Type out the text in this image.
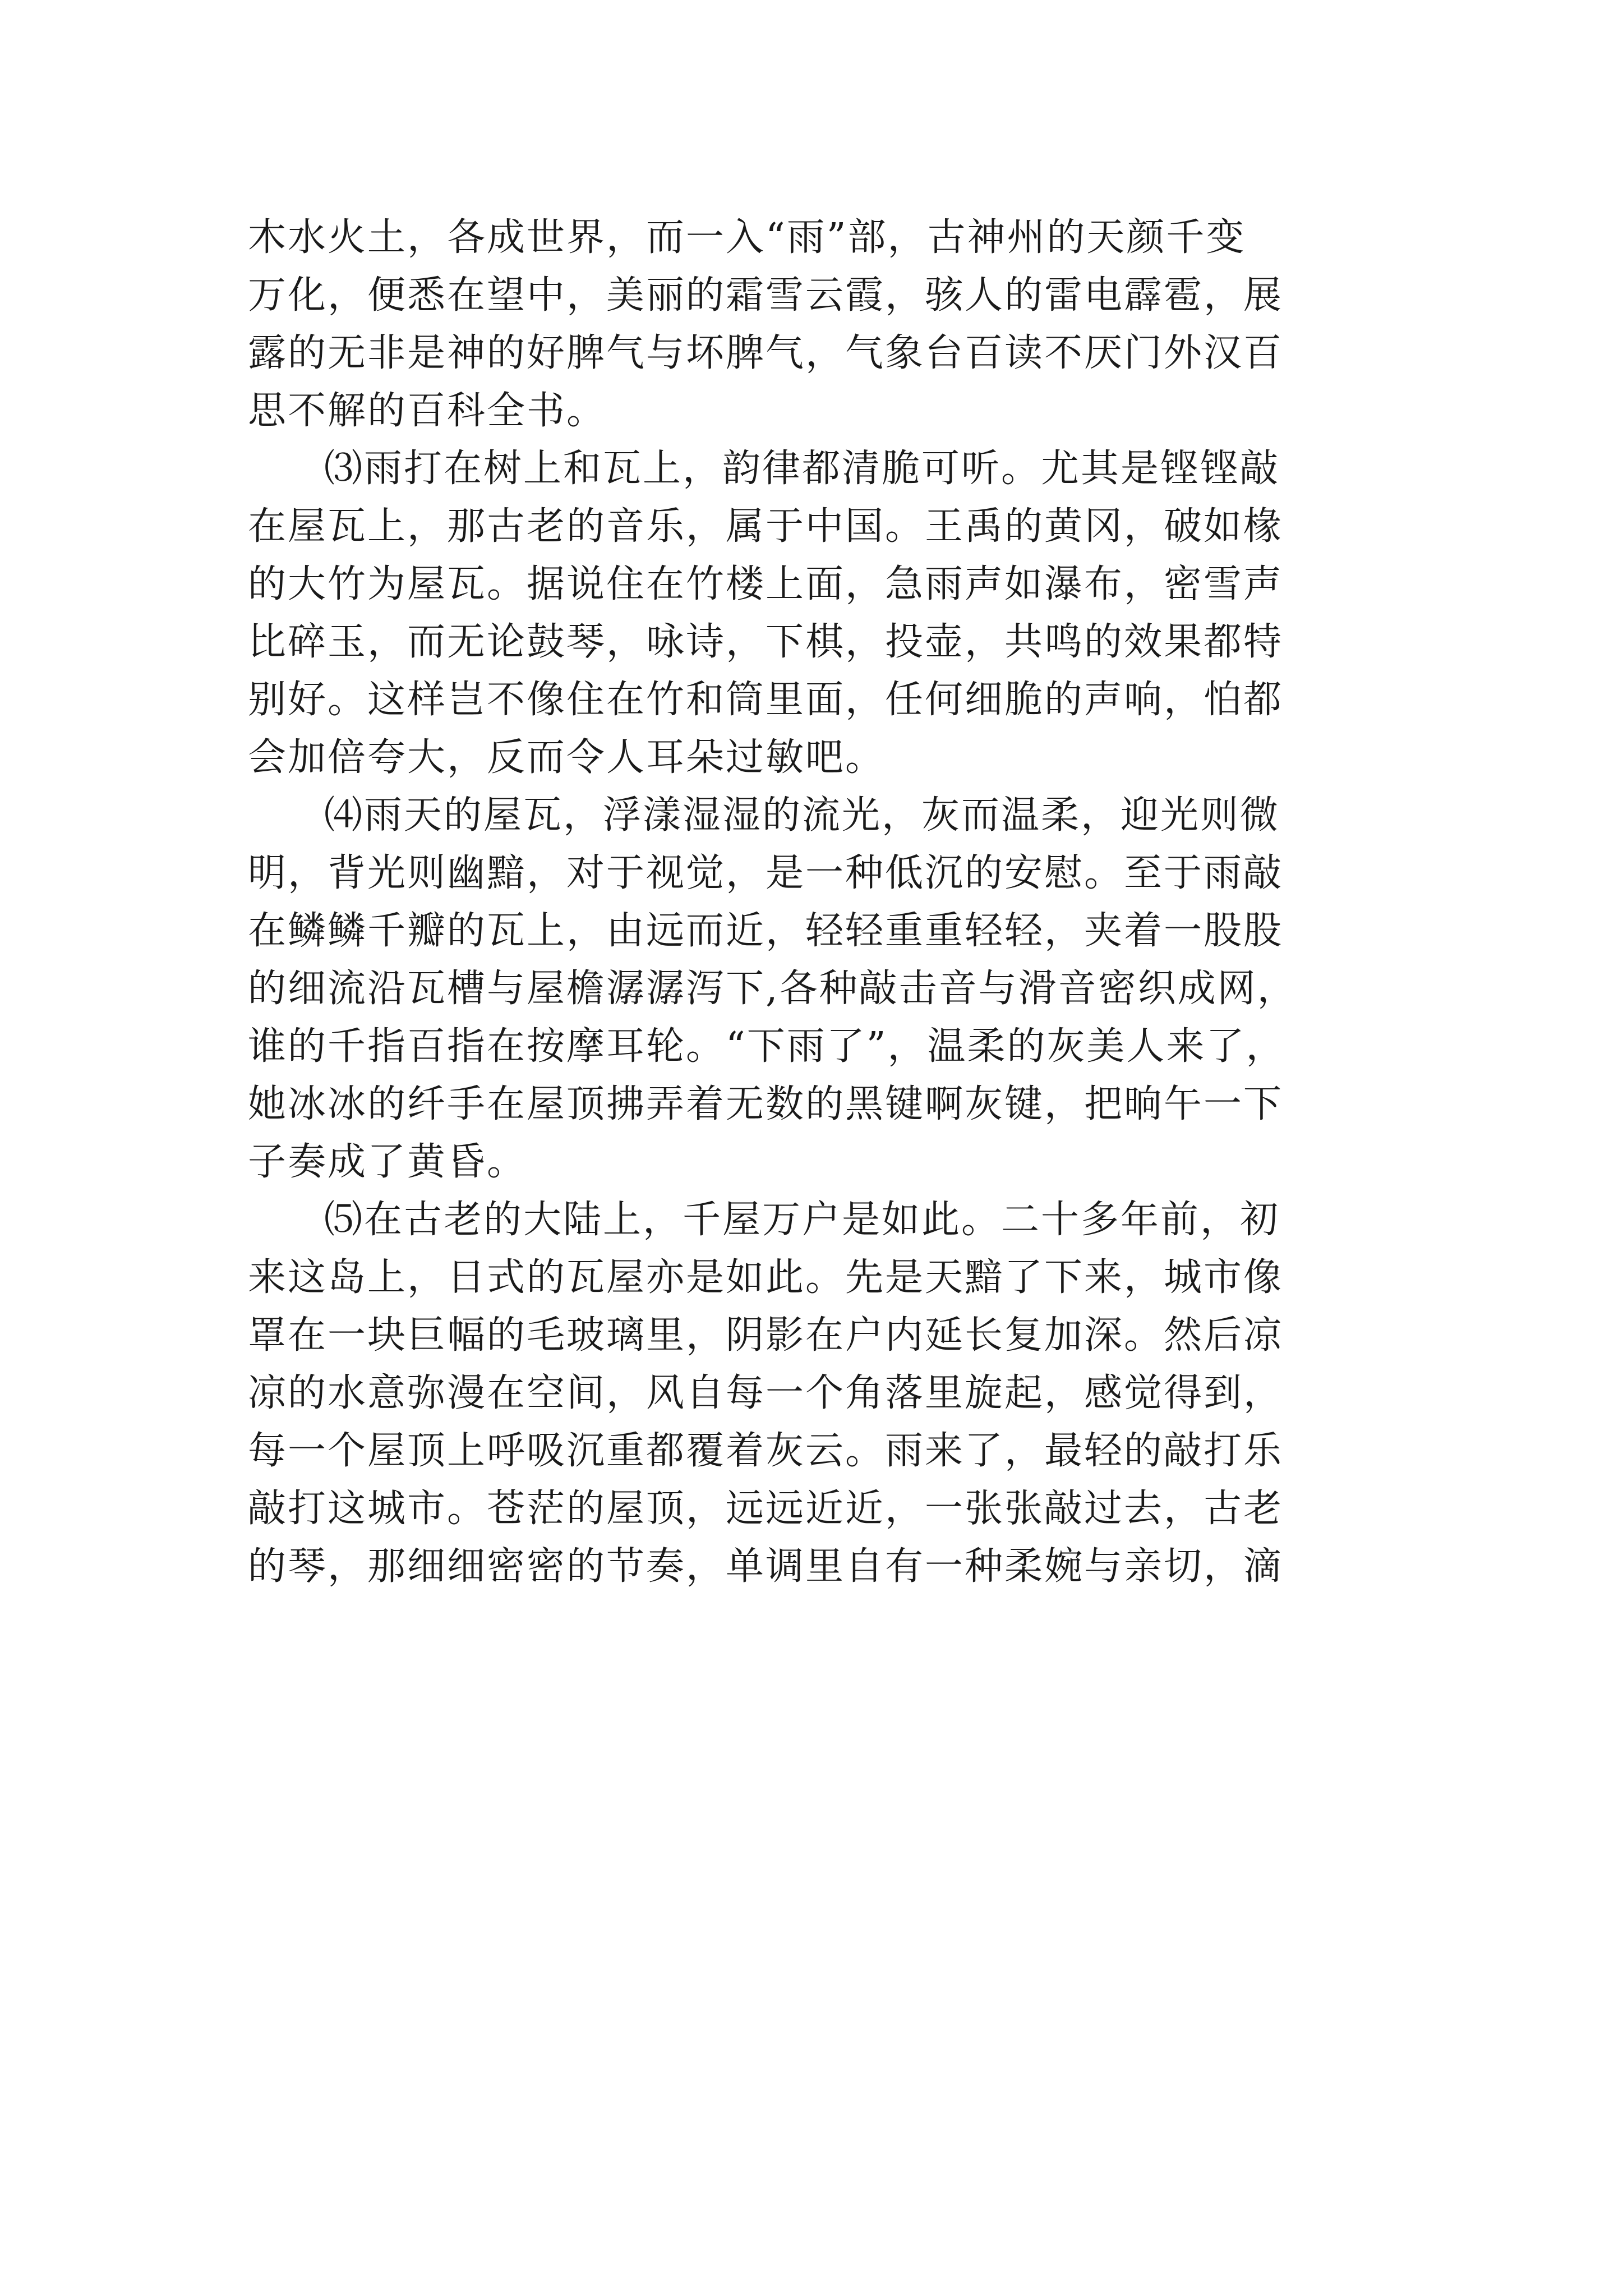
木水火土，各成世界，而一入“雨”部，古神州的天颜千变
万化，便悉在望中，美丽的霜雪云霞，骇人的雷电霹雹，展
露的无非是神的好脾气与坏脾气，气象台百读不厌门外汉百
思不解的百科全书。
⑶雨打在树上和瓦上，韵律都清脆可听。尤其是铿铿敲
在屋瓦上，那古老的音乐，属于中国。王禹的黄冈，破如椽
的大竹为屋瓦。据说住在竹楼上面，急雨声如瀑布，密雪声
比碎玉，而无论鼓琴，咏诗，下棋，投壶，共鸣的效果都特
别好。这样岂不像住在竹和筒里面，任何细脆的声响，怕都
会加倍夸大，反而令人耳朵过敏吧。
⑷雨天的屋瓦，浮漾湿湿的流光，灰而温柔，迎光则微
明，背光则幽黯，对于视觉，是一种低沉的安慰。至于雨敲
在鳞鳞千瓣的瓦上，由远而近，轻轻重重轻轻，夹着一股股
的细流沿瓦槽与屋檐潺潺泻下,各种敲击音与滑音密织成网，
谁的千指百指在按摩耳轮。“下雨了”，温柔的灰美人来了，
她冰冰的纤手在屋顶拂弄着无数的黑键啊灰键，把晌午一下
子奏成了黄昏。
⑸在古老的大陆上，千屋万户是如此。二十多年前，初
来这岛上，日式的瓦屋亦是如此。先是天黯了下来，城市像
罩在一块巨幅的毛玻璃里，阴影在户内延长复加深。然后凉
凉的水意弥漫在空间，风自每一个角落里旋起，感觉得到，
每一个屋顶上呼吸沉重都覆着灰云。雨来了，最轻的敲打乐
敲打这城市。苍茫的屋顶，远远近近，一张张敲过去，古老
的琴，那细细密密的节奏，单调里自有一种柔婉与亲切，滴
